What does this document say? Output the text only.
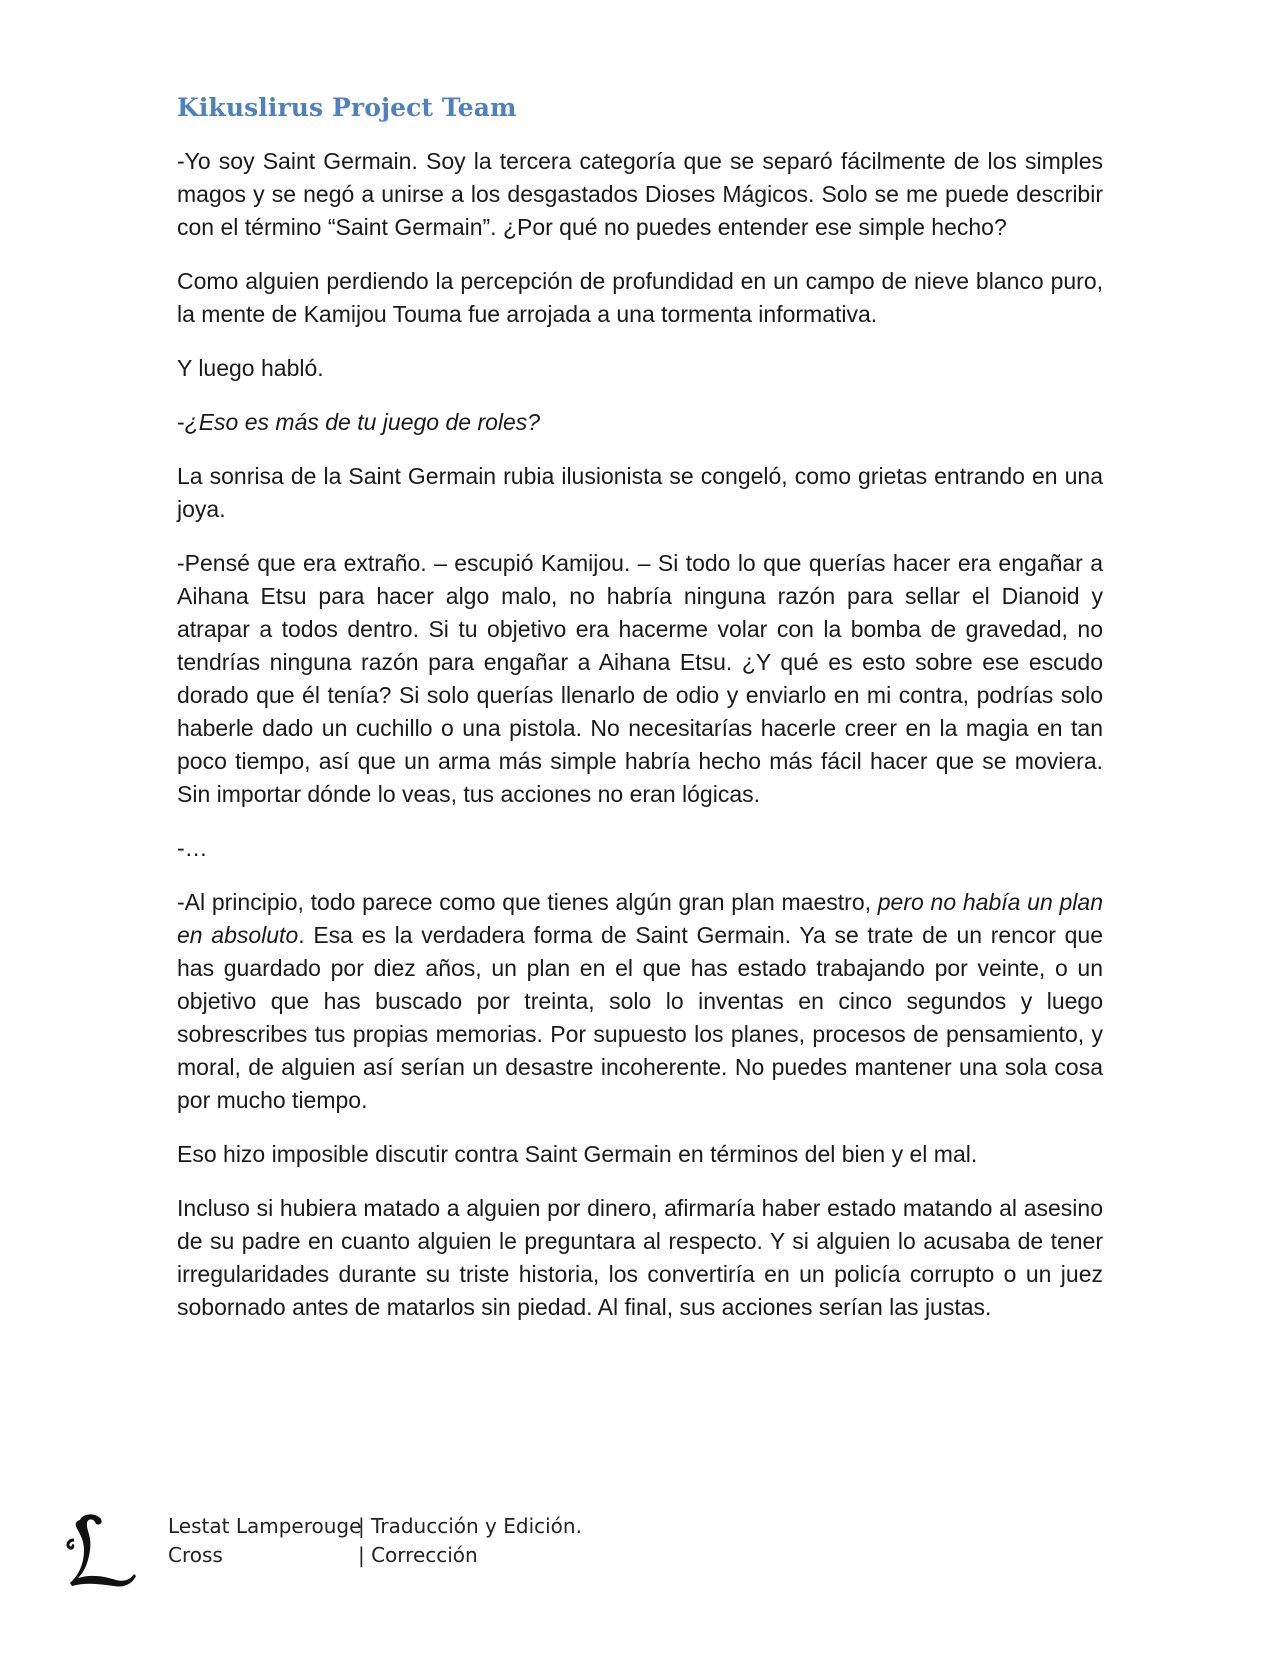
Kikuslirus Project Team

-Yo soy Saint Germain. Soy la tercera categoría que se separó fácilmente de los simples magos y se negó a unirse a los desgastados Dioses Mágicos. Solo se me puede describir con el término “Saint Germain”. ¿Por qué no puedes entender ese simple hecho?

Como alguien perdiendo la percepción de profundidad en un campo de nieve blanco puro, la mente de Kamijou Touma fue arrojada a una tormenta informativa.

Y luego habló.

-¿Eso es más de tu juego de roles?

La sonrisa de la Saint Germain rubia ilusionista se congeló, como grietas entrando en una joya.

-Pensé que era extraño. – escupió Kamijou. – Si todo lo que querías hacer era engañar a Aihana Etsu para hacer algo malo, no habría ninguna razón para sellar el Dianoid y atrapar a todos dentro. Si tu objetivo era hacerme volar con la bomba de gravedad, no tendrías ninguna razón para engañar a Aihana Etsu. ¿Y qué es esto sobre ese escudo dorado que él tenía? Si solo querías llenarlo de odio y enviarlo en mi contra, podrías solo haberle dado un cuchillo o una pistola. No necesitarías hacerle creer en la magia en tan poco tiempo, así que un arma más simple habría hecho más fácil hacer que se moviera. Sin importar dónde lo veas, tus acciones no eran lógicas.

-…

-Al principio, todo parece como que tienes algún gran plan maestro, pero no había un plan en absoluto. Esa es la verdadera forma de Saint Germain. Ya se trate de un rencor que has guardado por diez años, un plan en el que has estado trabajando por veinte, o un objetivo que has buscado por treinta, solo lo inventas en cinco segundos y luego sobrescribes tus propias memorias. Por supuesto los planes, procesos de pensamiento, y moral, de alguien así serían un desastre incoherente. No puedes mantener una sola cosa por mucho tiempo.

Eso hizo imposible discutir contra Saint Germain en términos del bien y el mal.

Incluso si hubiera matado a alguien por dinero, afirmaría haber estado matando al asesino de su padre en cuanto alguien le preguntara al respecto. Y si alguien lo acusaba de tener irregularidades durante su triste historia, los convertiría en un policía corrupto o un juez sobornado antes de matarlos sin piedad. Al final, sus acciones serían las justas.

Lestat Lamperouge
| Traducción y Edición.
Cross	| Corrección
